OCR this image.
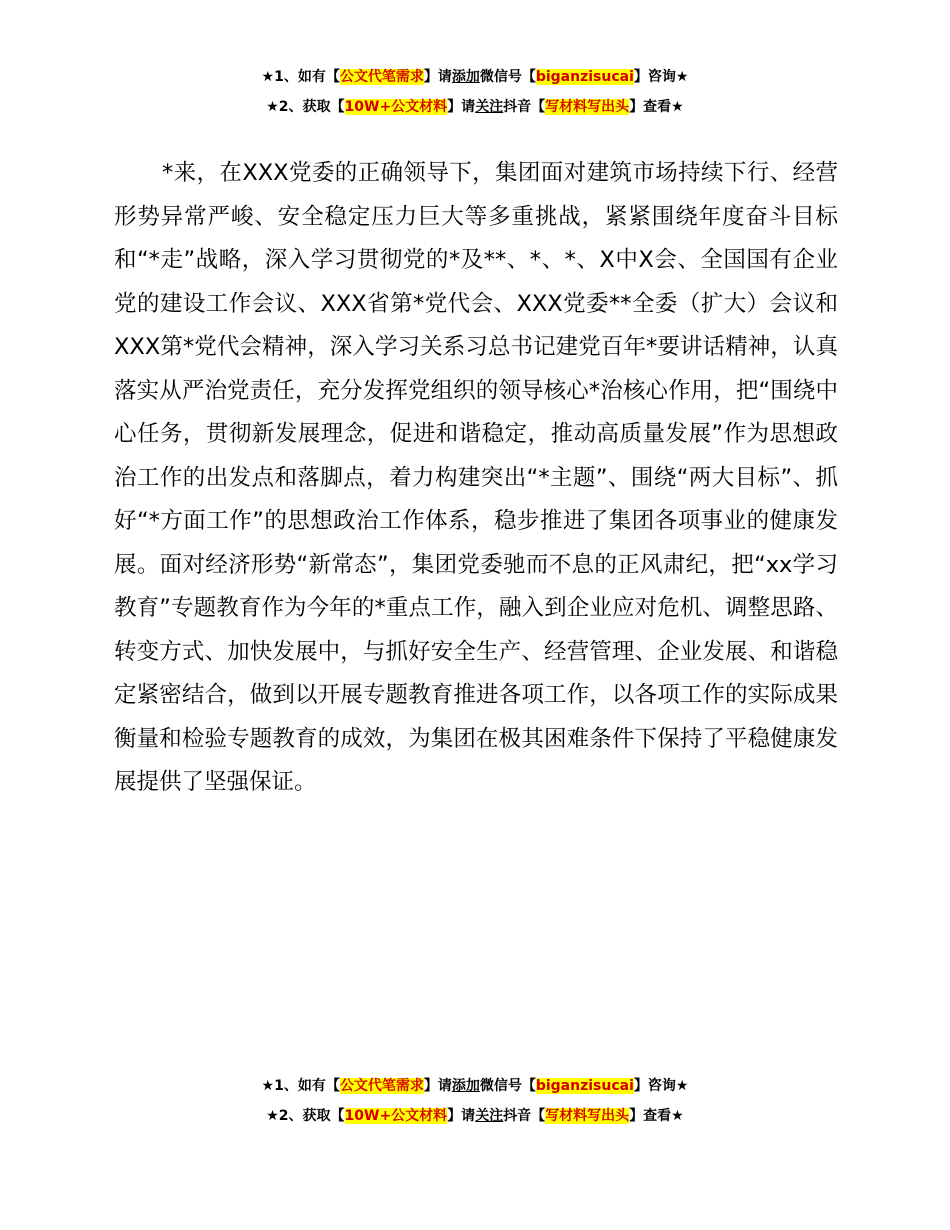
★1、如有【公文代笔需求】请添加微信号【biganzisucai】咨询★
★2、获取【10W+公文材料】请关注抖音【写材料写出头】查看★

*来，在XXX党委的正确领导下，集团面对建筑市场持续下行、经营形势异常严峻、安全稳定压力巨大等多重挑战，紧紧围绕年度奋斗目标和“*走”战略，深入学习贯彻党的*及**、*、*、X中X会、全国国有企业党的建设工作会议、XXX省第*党代会、XXX党委**全委（扩大）会议和XXX第*党代会精神，深入学习关系习总书记建党百年*要讲话精神，认真落实从严治党责任，充分发挥党组织的领导核心*治核心作用，把“围绕中心任务，贯彻新发展理念，促进和谐稳定，推动高质量发展”作为思想政治工作的出发点和落脚点，着力构建突出“*主题”、围绕“两大目标”、抓好“*方面工作”的思想政治工作体系，稳步推进了集团各项事业的健康发展。面对经济形势“新常态”，集团党委驰而不息的正风肃纪，把“xx学习教育”专题教育作为今年的*重点工作，融入到企业应对危机、调整思路、转变方式、加快发展中，与抓好安全生产、经营管理、企业发展、和谐稳定紧密结合，做到以开展专题教育推进各项工作，以各项工作的实际成果衡量和检验专题教育的成效，为集团在极其困难条件下保持了平稳健康发展提供了坚强保证。

★1、如有【公文代笔需求】请添加微信号【biganzisucai】咨询★
★2、获取【10W+公文材料】请关注抖音【写材料写出头】查看★
